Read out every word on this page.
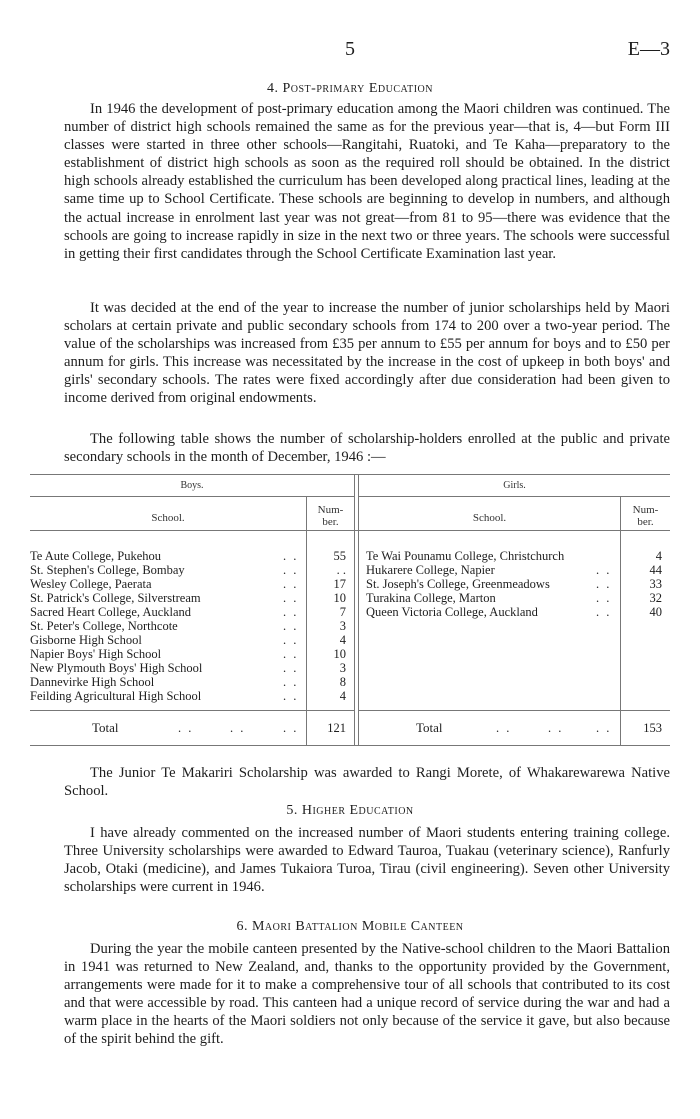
5	E—3
4. Post-primary Education

In 1946 the development of post-primary education among the Maori children was continued. The number of district high schools remained the same as for the previous year—that is, 4—but Form III classes were started in three other schools—Rangitahi, Ruatoki, and Te Kaha—preparatory to the establishment of district high schools as soon as the required roll should be obtained. In the district high schools already established the curriculum has been developed along practical lines, leading at the same time up to School Certificate. These schools are beginning to develop in numbers, and although the actual increase in enrolment last year was not great—from 81 to 95—there was evidence that the schools are going to increase rapidly in size in the next two or three years. The schools were successful in getting their first candidates through the School Certificate Examination last year.

It was decided at the end of the year to increase the number of junior scholarships held by Maori scholars at certain private and public secondary schools from 174 to 200 over a two-year period. The value of the scholarships was increased from £35 per annum to £55 per annum for boys and to £50 per annum for girls. This increase was necessitated by the increase in the cost of upkeep in both boys' and girls' secondary schools. The rates were fixed accordingly after due consideration had been given to income derived from original endowments.

The following table shows the number of scholarship-holders enrolled at the public and private secondary schools in the month of December, 1946 :—

Boys.	Girls.
School.
Num-
ber.	School.
Num-
ber.
Te Aute College, Pukehou	. .	55
St. Stephen's College, Bombay	. .	. .
Wesley College, Paerata	. .	17
St. Patrick's College, Silverstream	. .	10
Sacred Heart College, Auckland	. .	7
St. Peter's College, Northcote	. .	3
Gisborne High School	. .	4
Napier Boys' High School	. .	10
New Plymouth Boys' High School	. .	3
Dannevirke High School	. .	8
Feilding Agricultural High School	. .	4
Te Wai Pounamu College, Christchurch	4
Hukarere College, Napier	. .	44
St. Joseph's College, Greenmeadows	. .	33
Turakina College, Marton	. .	32
Queen Victoria College, Auckland	. .	40
Total	. .	. .	. .	121	Total	. .	. .	. .	153

The Junior Te Makariri Scholarship was awarded to Rangi Morete, of Whakarewarewa Native School.

5. Higher Education

I have already commented on the increased number of Maori students entering training college. Three University scholarships were awarded to Edward Tauroa, Tuakau (veterinary science), Ranfurly Jacob, Otaki (medicine), and James Tukaiora Turoa, Tirau (civil engineering). Seven other University scholarships were current in 1946.

6. Maori Battalion Mobile Canteen

During the year the mobile canteen presented by the Native-school children to the Maori Battalion in 1941 was returned to New Zealand, and, thanks to the opportunity provided by the Government, arrangements were made for it to make a comprehensive tour of all schools that contributed to its cost and that were accessible by road. This canteen had a unique record of service during the war and had a warm place in the hearts of the Maori soldiers not only because of the service it gave, but also because of the spirit behind the gift.
